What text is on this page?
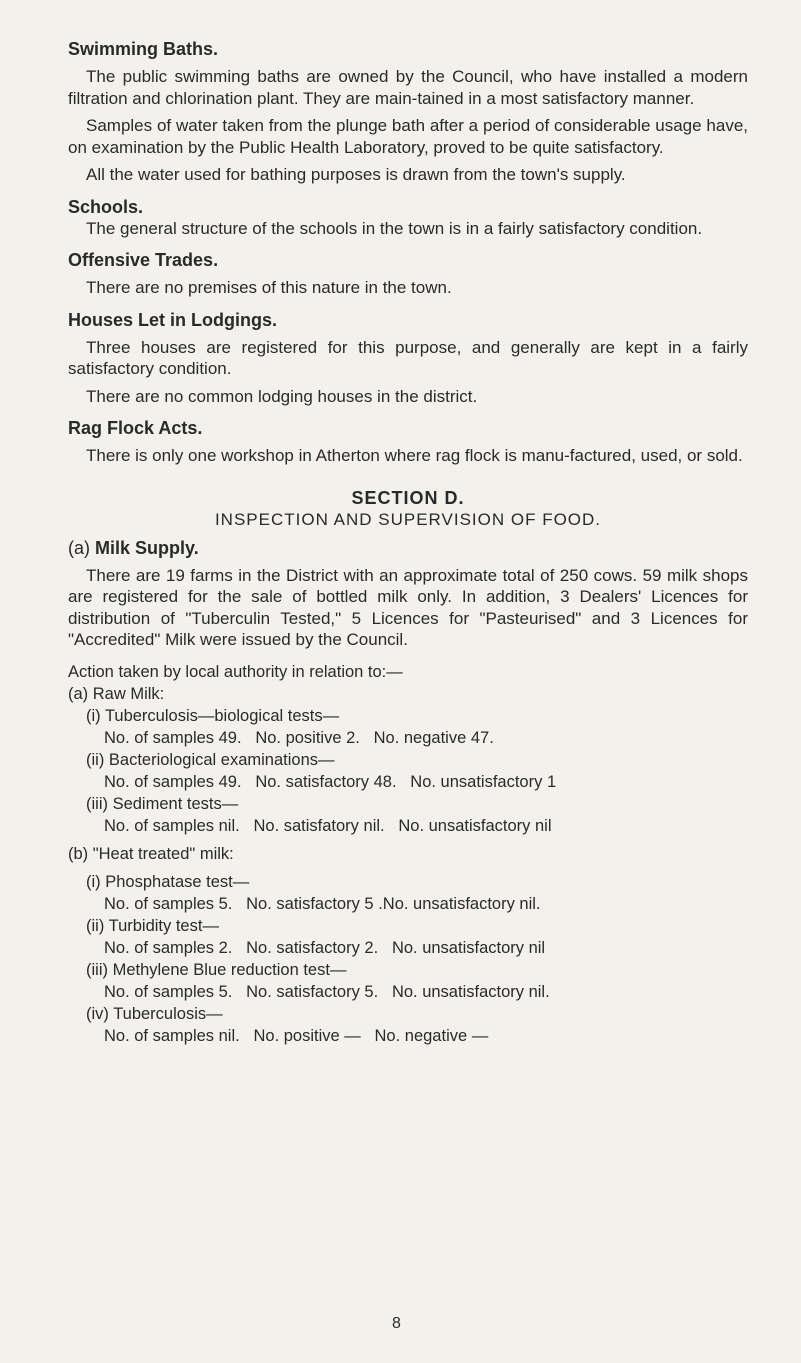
Swimming Baths.

The public swimming baths are owned by the Council, who have installed a modern filtration and chlorination plant. They are main-tained in a most satisfactory manner.

Samples of water taken from the plunge bath after a period of considerable usage have, on examination by the Public Health Laboratory, proved to be quite satisfactory.

All the water used for bathing purposes is drawn from the town's supply.

Schools.

The general structure of the schools in the town is in a fairly satisfactory condition.

Offensive Trades.

There are no premises of this nature in the town.

Houses Let in Lodgings.

Three houses are registered for this purpose, and generally are kept in a fairly satisfactory condition.

There are no common lodging houses in the district.

Rag Flock Acts.

There is only one workshop in Atherton where rag flock is manu-factured, used, or sold.

SECTION D.
INSPECTION AND SUPERVISION OF FOOD.
(a) Milk Supply.

There are 19 farms in the District with an approximate total of 250 cows. 59 milk shops are registered for the sale of bottled milk only. In addition, 3 Dealers' Licences for distribution of "Tuberculin Tested," 5 Licences for "Pasteurised" and 3 Licences for "Accredited" Milk were issued by the Council.

Action taken by local authority in relation to:—
(a) Raw Milk:
(i) Tuberculosis—biological tests—
No. of samples 49.   No. positive 2.   No. negative 47.
(ii) Bacteriological examinations—
No. of samples 49.   No. satisfactory 48.   No. unsatisfactory 1
(iii) Sediment tests—
No. of samples nil.   No. satisfatory nil.   No. unsatisfactory nil
(b) "Heat treated" milk:
(i) Phosphatase test—
No. of samples 5.   No. satisfactory 5 .No. unsatisfactory nil.
(ii) Turbidity test—
No. of samples 2.   No. satisfactory 2.   No. unsatisfactory nil
(iii) Methylene Blue reduction test—
No. of samples 5.   No. satisfactory 5.   No. unsatisfactory nil.
(iv) Tuberculosis—
No. of samples nil.   No. positive —   No. negative —
8
